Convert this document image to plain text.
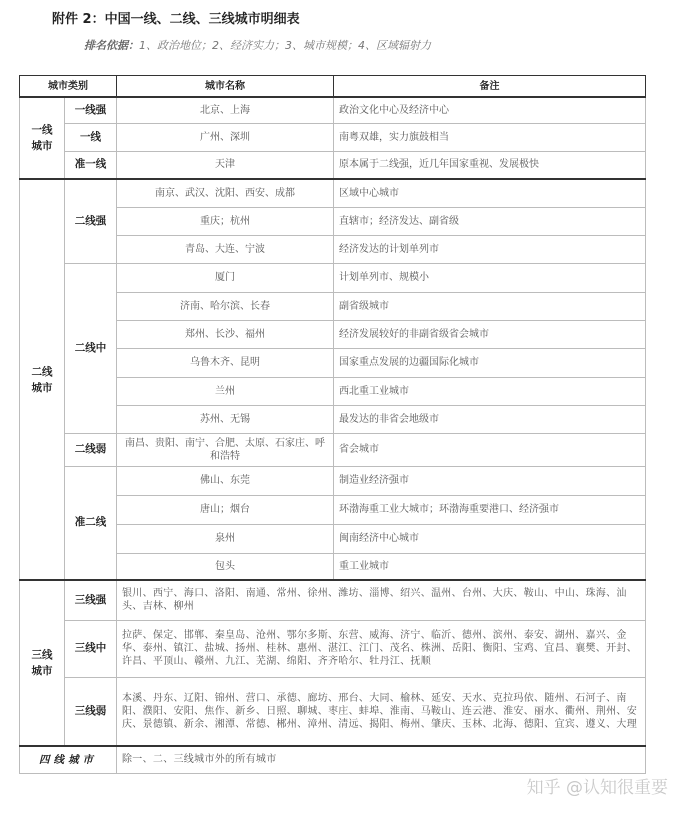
附件 2：中国一线、二线、三线城市明细表
排名依据：1、政治地位；2、经济实力；3、城市规模；4、区域辐射力
城市类别		城市名称	备注
一线城市	一线强	北京、上海	政治文化中心及经济中心
	一线	广州、深圳	南粤双雄，实力旗鼓相当
	准一线	天津	原本属于二线强，近几年国家重视、发展极快
二线城市	二线强	南京、武汉、沈阳、西安、成都	区域中心城市
		重庆；杭州	直辖市；经济发达、副省级
		青岛、大连、宁波	经济发达的计划单列市
	二线中	厦门	计划单列市、规模小
		济南、哈尔滨、长春	副省级城市
		郑州、长沙、福州	经济发展较好的非副省级省会城市
		乌鲁木齐、昆明	国家重点发展的边疆国际化城市
		兰州	西北重工业城市
		苏州、无锡	最发达的非省会地级市
	二线弱	南昌、贵阳、南宁、合肥、太原、石家庄、呼和浩特	省会城市
	准二线	佛山、东莞	制造业经济强市
		唐山；烟台	环渤海重工业大城市；环渤海重要港口、经济强市
		泉州	闽南经济中心城市
		包头	重工业城市
三线城市	三线强	银川、西宁、海口、洛阳、南通、常州、徐州、潍坊、淄博、绍兴、温州、台州、大庆、鞍山、中山、珠海、汕头、吉林、柳州	
	三线中	拉萨、保定、邯郸、秦皇岛、沧州、鄂尔多斯、东营、威海、济宁、临沂、德州、滨州、泰安、湖州、嘉兴、金华、泰州、镇江、盐城、扬州、桂林、惠州、湛江、江门、茂名、株洲、岳阳、衡阳、宝鸡、宜昌、襄樊、开封、许昌、平顶山、赣州、九江、芜湖、绵阳、齐齐哈尔、牡丹江、抚顺	
	三线弱	本溪、丹东、辽阳、锦州、营口、承德、廊坊、邢台、大同、榆林、延安、天水、克拉玛依、随州、石河子、南阳、濮阳、安阳、焦作、新乡、日照、聊城、枣庄、蚌埠、淮南、马鞍山、连云港、淮安、丽水、衢州、荆州、安庆、景德镇、新余、湘潭、常德、郴州、漳州、清远、揭阳、梅州、肇庆、玉林、北海、德阳、宜宾、遵义、大理	
四线城市		除一、二、三线城市外的所有城市	
知乎 @认知很重要
